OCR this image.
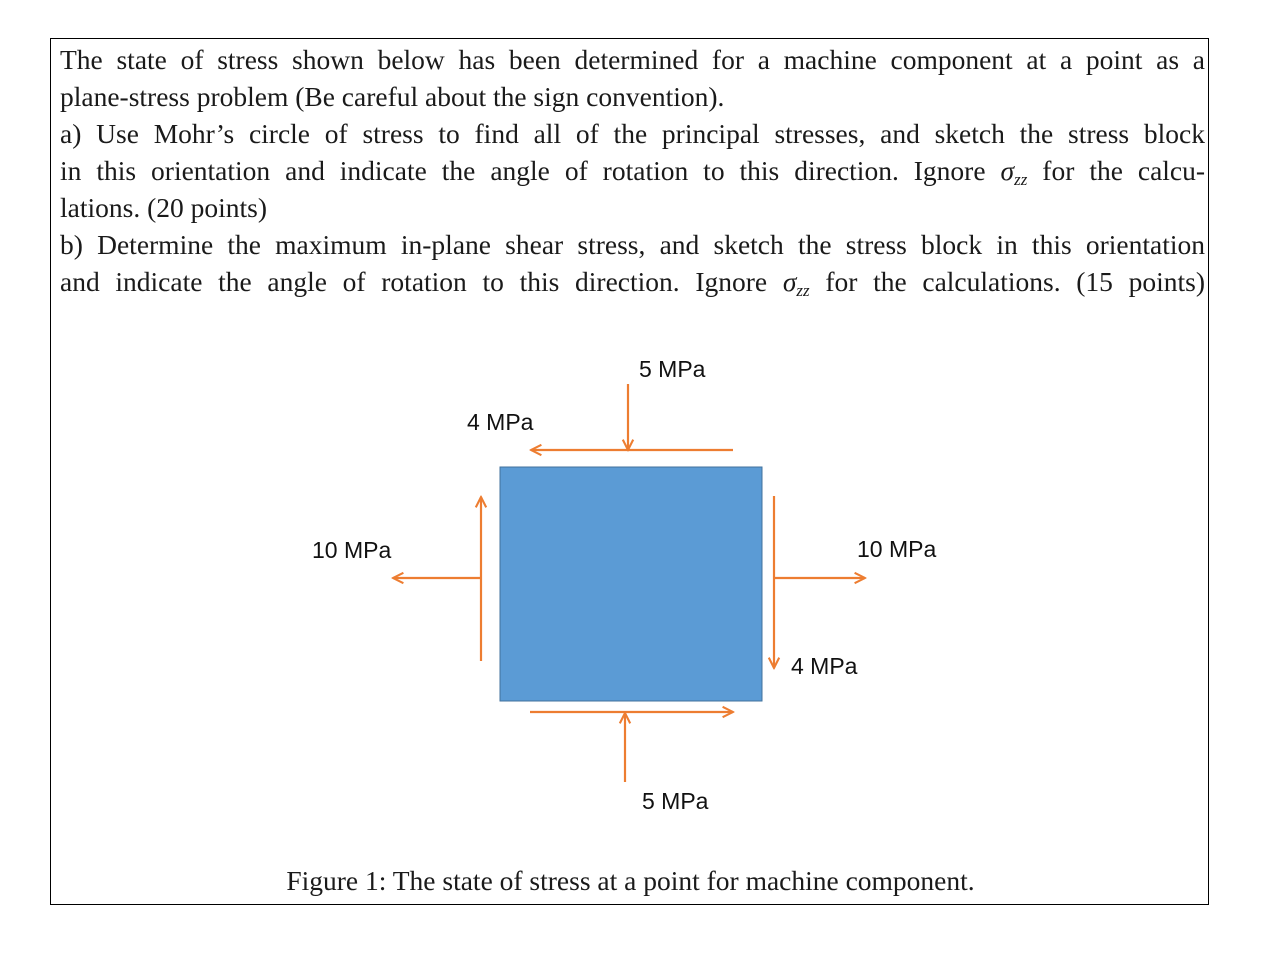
The state of stress shown below has been determined for a machine component at a point as a
plane-stress problem (Be careful about the sign convention).
a) Use Mohr’s circle of stress to find all of the principal stresses, and sketch the stress block
in this orientation and indicate the angle of rotation to this direction. Ignore $\sigma_{zz}$ for the calcu-
lations. (20 points)
b) Determine the maximum in-plane shear stress, and sketch the stress block in this orientation
and indicate the angle of rotation to this direction. Ignore $\sigma_{zz}$ for the calculations. (15 points)
5 MPa
4 MPa
10 MPa	10 MPa
4 MPa
5 MPa
Figure 1: The state of stress at a point for machine component.
